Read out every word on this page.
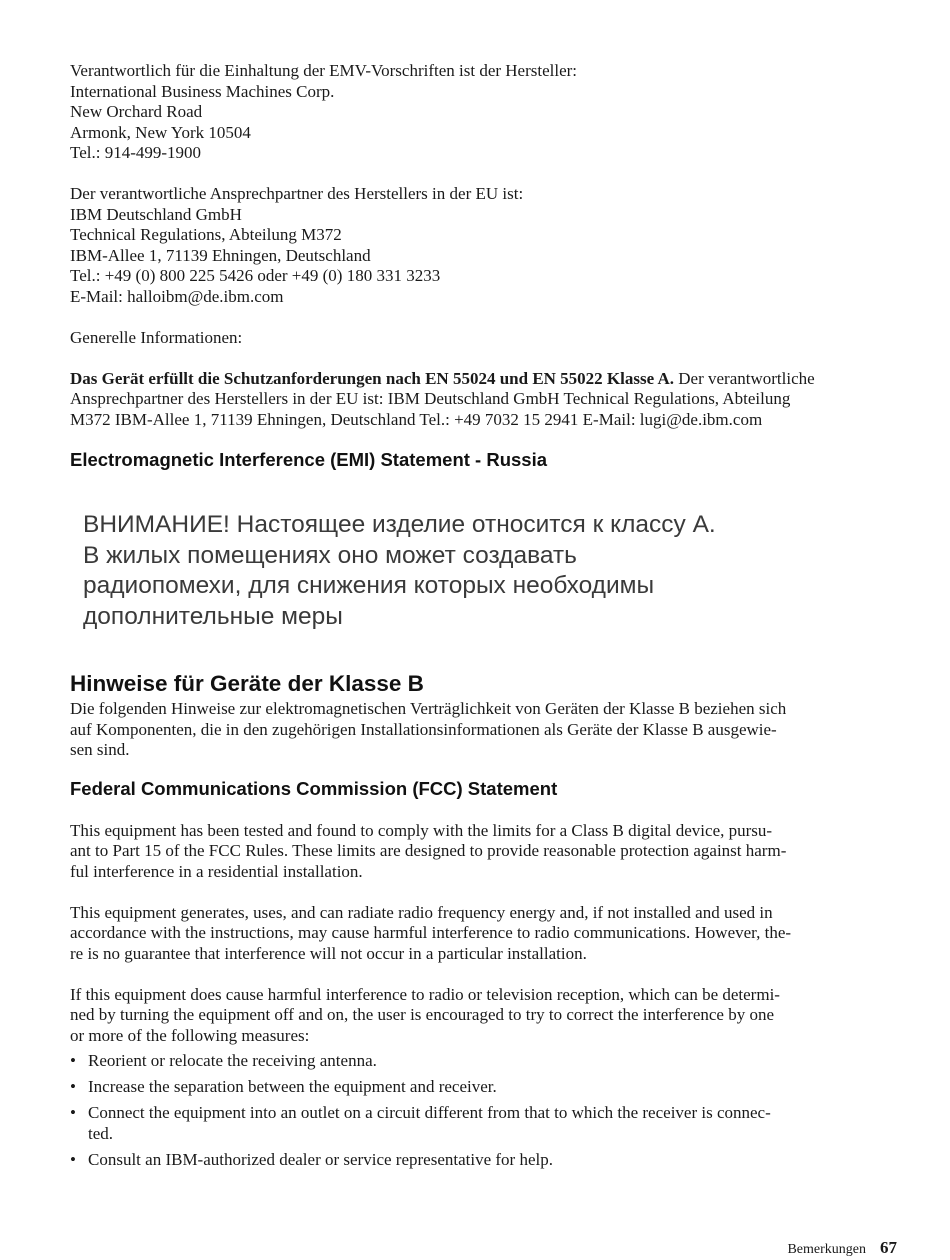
Verantwortlich für die Einhaltung der EMV-Vorschriften ist der Hersteller:
International Business Machines Corp.
New Orchard Road
Armonk, New York 10504
Tel.: 914-499-1900
Der verantwortliche Ansprechpartner des Herstellers in der EU ist:
IBM Deutschland GmbH
Technical Regulations, Abteilung M372
IBM-Allee 1, 71139 Ehningen, Deutschland
Tel.: +49 (0) 800 225 5426 oder +49 (0) 180 331 3233
E-Mail: halloibm@de.ibm.com
Generelle Informationen:
Das Gerät erfüllt die Schutzanforderungen nach EN 55024 und EN 55022 Klasse A. Der verantwortliche
Ansprechpartner des Herstellers in der EU ist: IBM Deutschland GmbH Technical Regulations, Abteilung
M372 IBM-Allee 1, 71139 Ehningen, Deutschland Tel.: +49 7032 15 2941 E-Mail: lugi@de.ibm.com
Electromagnetic Interference (EMI) Statement - Russia
ВНИМАНИЕ! Настоящее изделие относится к классу А.
В жилых помещениях оно может создавать
радиопомехи, для снижения которых необходимы
дополнительные меры
Hinweise für Geräte der Klasse B
Die folgenden Hinweise zur elektromagnetischen Verträglichkeit von Geräten der Klasse B beziehen sich
auf Komponenten, die in den zugehörigen Installationsinformationen als Geräte der Klasse B ausgewie-
sen sind.
Federal Communications Commission (FCC) Statement
This equipment has been tested and found to comply with the limits for a Class B digital device, pursu-
ant to Part 15 of the FCC Rules. These limits are designed to provide reasonable protection against harm-
ful interference in a residential installation.
This equipment generates, uses, and can radiate radio frequency energy and, if not installed and used in
accordance with the instructions, may cause harmful interference to radio communications. However, the-
re is no guarantee that interference will not occur in a particular installation.
If this equipment does cause harmful interference to radio or television reception, which can be determi-
ned by turning the equipment off and on, the user is encouraged to try to correct the interference by one
or more of the following measures:
• Reorient or relocate the receiving antenna.
• Increase the separation between the equipment and receiver.
• Connect the equipment into an outlet on a circuit different from that to which the receiver is connec-
ted.
• Consult an IBM-authorized dealer or service representative for help.
Bemerkungen 67
